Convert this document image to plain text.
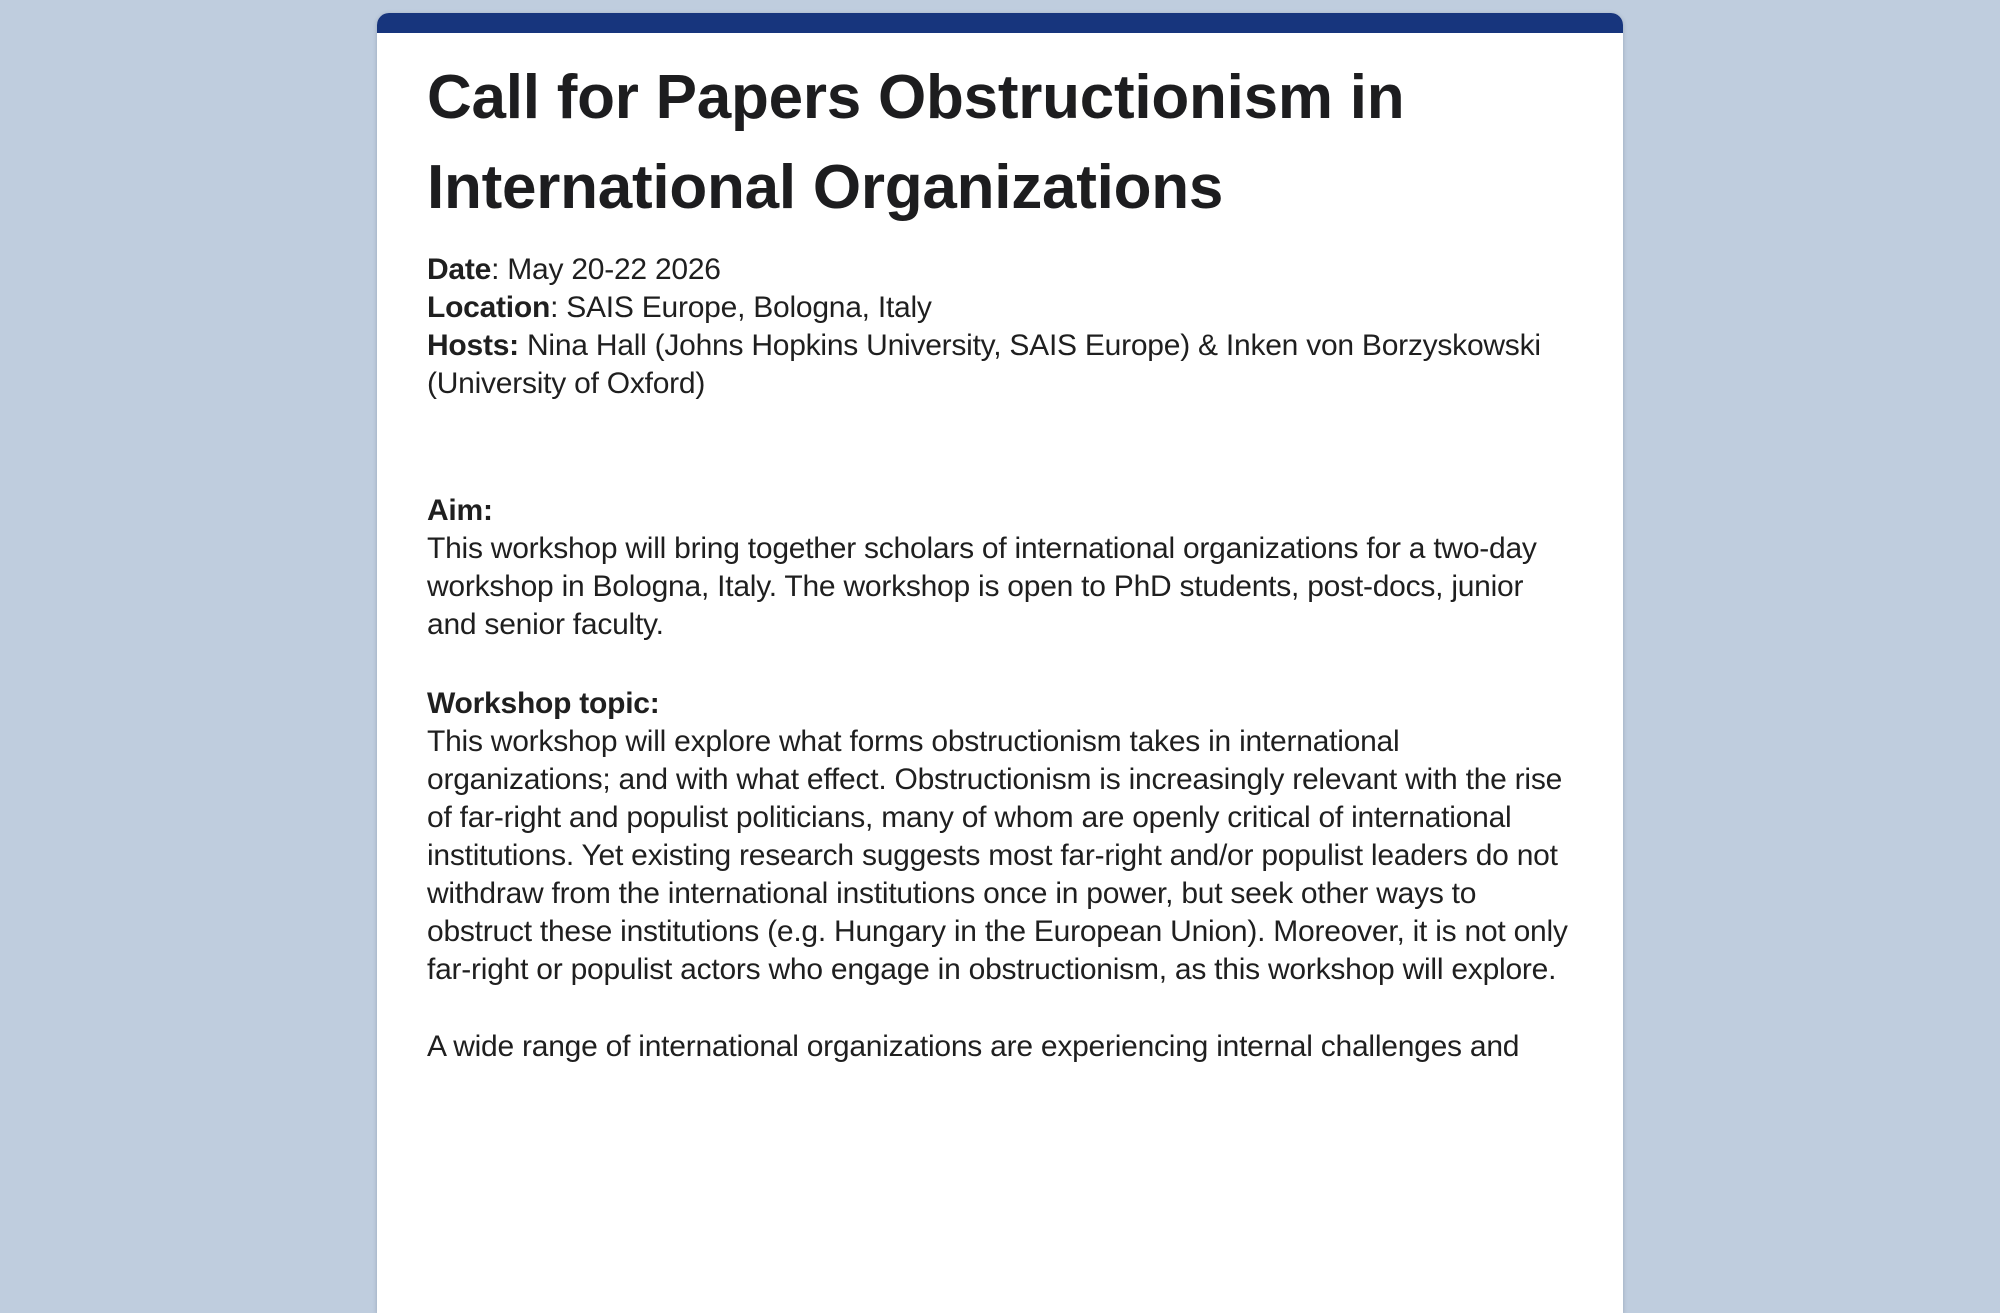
Call for Papers Obstructionism in International Organizations

Date: May 20-22 2026

Location: SAIS Europe, Bologna, Italy

Hosts: Nina Hall (Johns Hopkins University, SAIS Europe) & Inken von Borzyskowski (University of Oxford)

Aim:

This workshop will bring together scholars of international organizations for a two-day workshop in Bologna, Italy. The workshop is open to PhD students, post-docs, junior and senior faculty.

Workshop topic:

This workshop will explore what forms obstructionism takes in international organizations; and with what effect. Obstructionism is increasingly relevant with the rise of far-right and populist politicians, many of whom are openly critical of international institutions. Yet existing research suggests most far-right and/or populist leaders do not withdraw from the international institutions once in power, but seek other ways to obstruct these institutions (e.g. Hungary in the European Union). Moreover, it is not only far-right or populist actors who engage in obstructionism, as this workshop will explore.

A wide range of international organizations are experiencing internal challenges and
